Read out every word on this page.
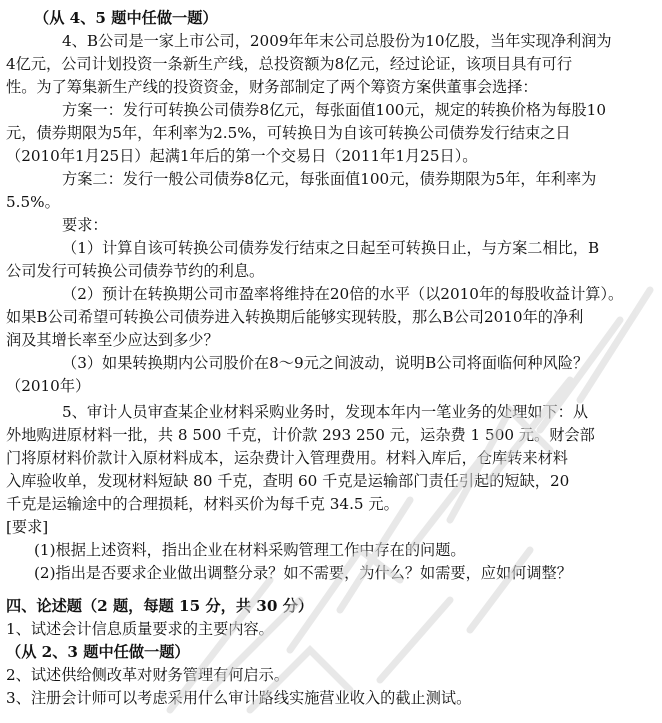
（从 4、5 题中任做一题）
4、B公司是一家上市公司，2009年年末公司总股份为10亿股，当年实现净利润为
4亿元，公司计划投资一条新生产线，总投资额为8亿元，经过论证，该项目具有可行
性。为了筹集新生产线的投资资金，财务部制定了两个筹资方案供董事会选择：
方案一：发行可转换公司债券8亿元，每张面值100元，规定的转换价格为每股10
元，债券期限为5年，年利率为2.5%，可转换日为自该可转换公司债券发行结束之日
（2010年1月25日）起满1年后的第一个交易日（2011年1月25日）。
方案二：发行一般公司债券8亿元，每张面值100元，债券期限为5年，年利率为
5.5%。
要求：
（1）计算自该可转换公司债券发行结束之日起至可转换日止，与方案二相比，B
公司发行可转换公司债券节约的利息。
（2）预计在转换期公司市盈率将维持在20倍的水平（以2010年的每股收益计算）。
如果B公司希望可转换公司债券进入转换期后能够实现转股，那么B公司2010年的净利
润及其增长率至少应达到多少？
（3）如果转换期内公司股价在8～9元之间波动，说明B公司将面临何种风险？
（2010年）
5、审计人员审查某企业材料采购业务时，发现本年内一笔业务的处理如下：从
外地购进原材料一批，共 8 500 千克，计价款 293 250 元，运杂费 1 500 元。财会部
门将原材料价款计入原材料成本，运杂费计入管理费用。材料入库后，仓库转来材料
入库验收单，发现材料短缺 80 千克，查明 60 千克是运输部门责任引起的短缺，20
千克是运输途中的合理损耗，材料买价为每千克 34.5 元。
[要求]
(1)根据上述资料，指出企业在材料采购管理工作中存在的问题。
(2)指出是否要求企业做出调整分录？如不需要，为什么？如需要，应如何调整？
四、论述题（2 题，每题 15 分，共 30 分）
1、试述会计信息质量要求的主要内容。
（从 2、3 题中任做一题）
2、试述供给侧改革对财务管理有何启示。
3、注册会计师可以考虑采用什么审计路线实施营业收入的截止测试。
